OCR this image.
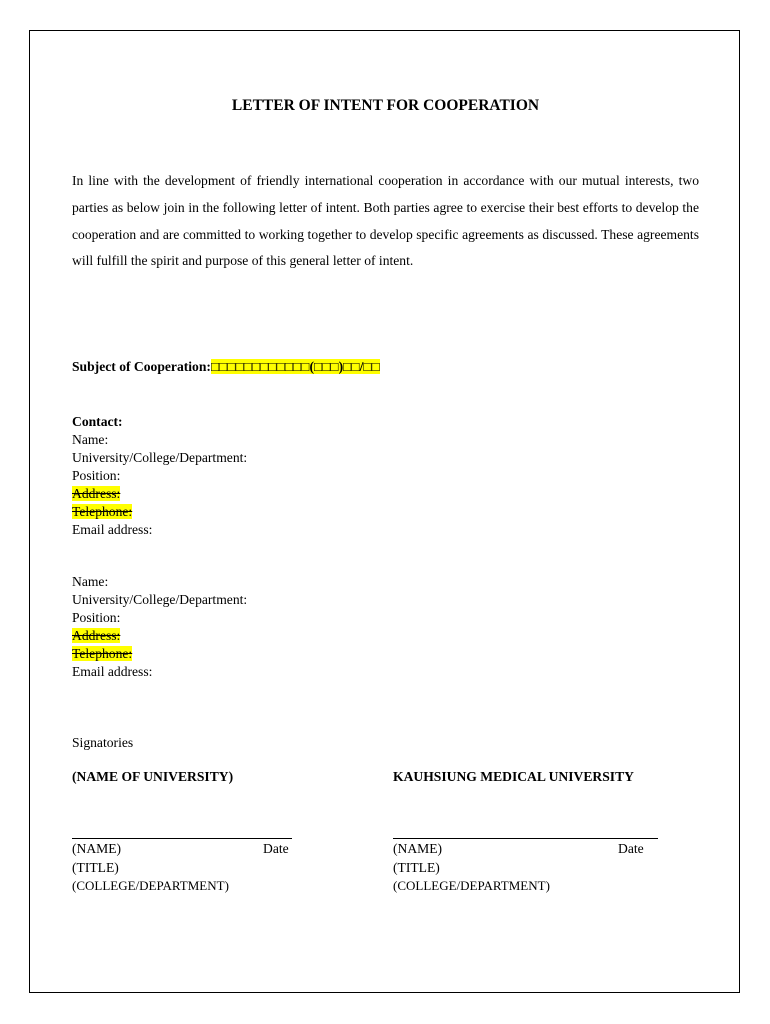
LETTER OF INTENT FOR COOPERATION
In line with the development of friendly international cooperation in accordance with our mutual interests, two parties as below join in the following letter of intent. Both parties agree to exercise their best efforts to develop the cooperation and are committed to working together to develop specific agreements as discussed. These agreements will fulfill the spirit and purpose of this general letter of intent.
Subject of Cooperation:□□□□□□□□□□□□(□□□)□□/□□
Contact:
Name:
University/College/Department:
Position:
Address:
Telephone:
Email address:
Name:
University/College/Department:
Position:
Address:
Telephone:
Email address:
Signatories
(NAME OF UNIVERSITY)
(NAME)	Date
(TITLE)
(COLLEGE/DEPARTMENT)
KAUHSIUNG MEDICAL UNIVERSITY
(NAME)	Date
(TITLE)
(COLLEGE/DEPARTMENT)
